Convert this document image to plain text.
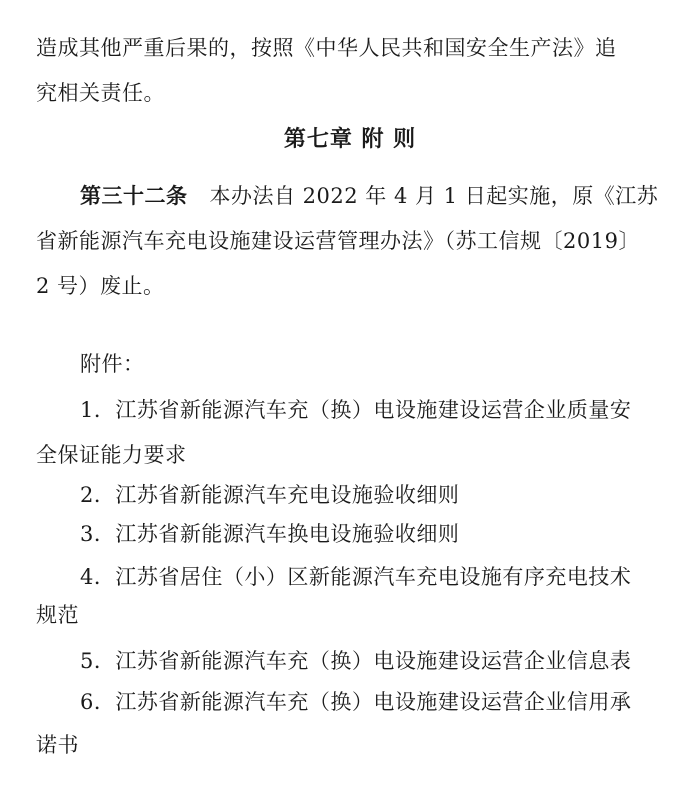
造成其他严重后果的，按照《中华人民共和国安全生产法》追
究相关责任。
第七章 附 则
第三十二条 本办法自 2022 年 4 月 1 日起实施，原《江苏
省新能源汽车充电设施建设运营管理办法》（苏工信规〔2019〕
2 号）废止。
附件：
1．江苏省新能源汽车充（换）电设施建设运营企业质量安
全保证能力要求
2．江苏省新能源汽车充电设施验收细则
3．江苏省新能源汽车换电设施验收细则
4．江苏省居住（小）区新能源汽车充电设施有序充电技术
规范
5．江苏省新能源汽车充（换）电设施建设运营企业信息表
6．江苏省新能源汽车充（换）电设施建设运营企业信用承
诺书
